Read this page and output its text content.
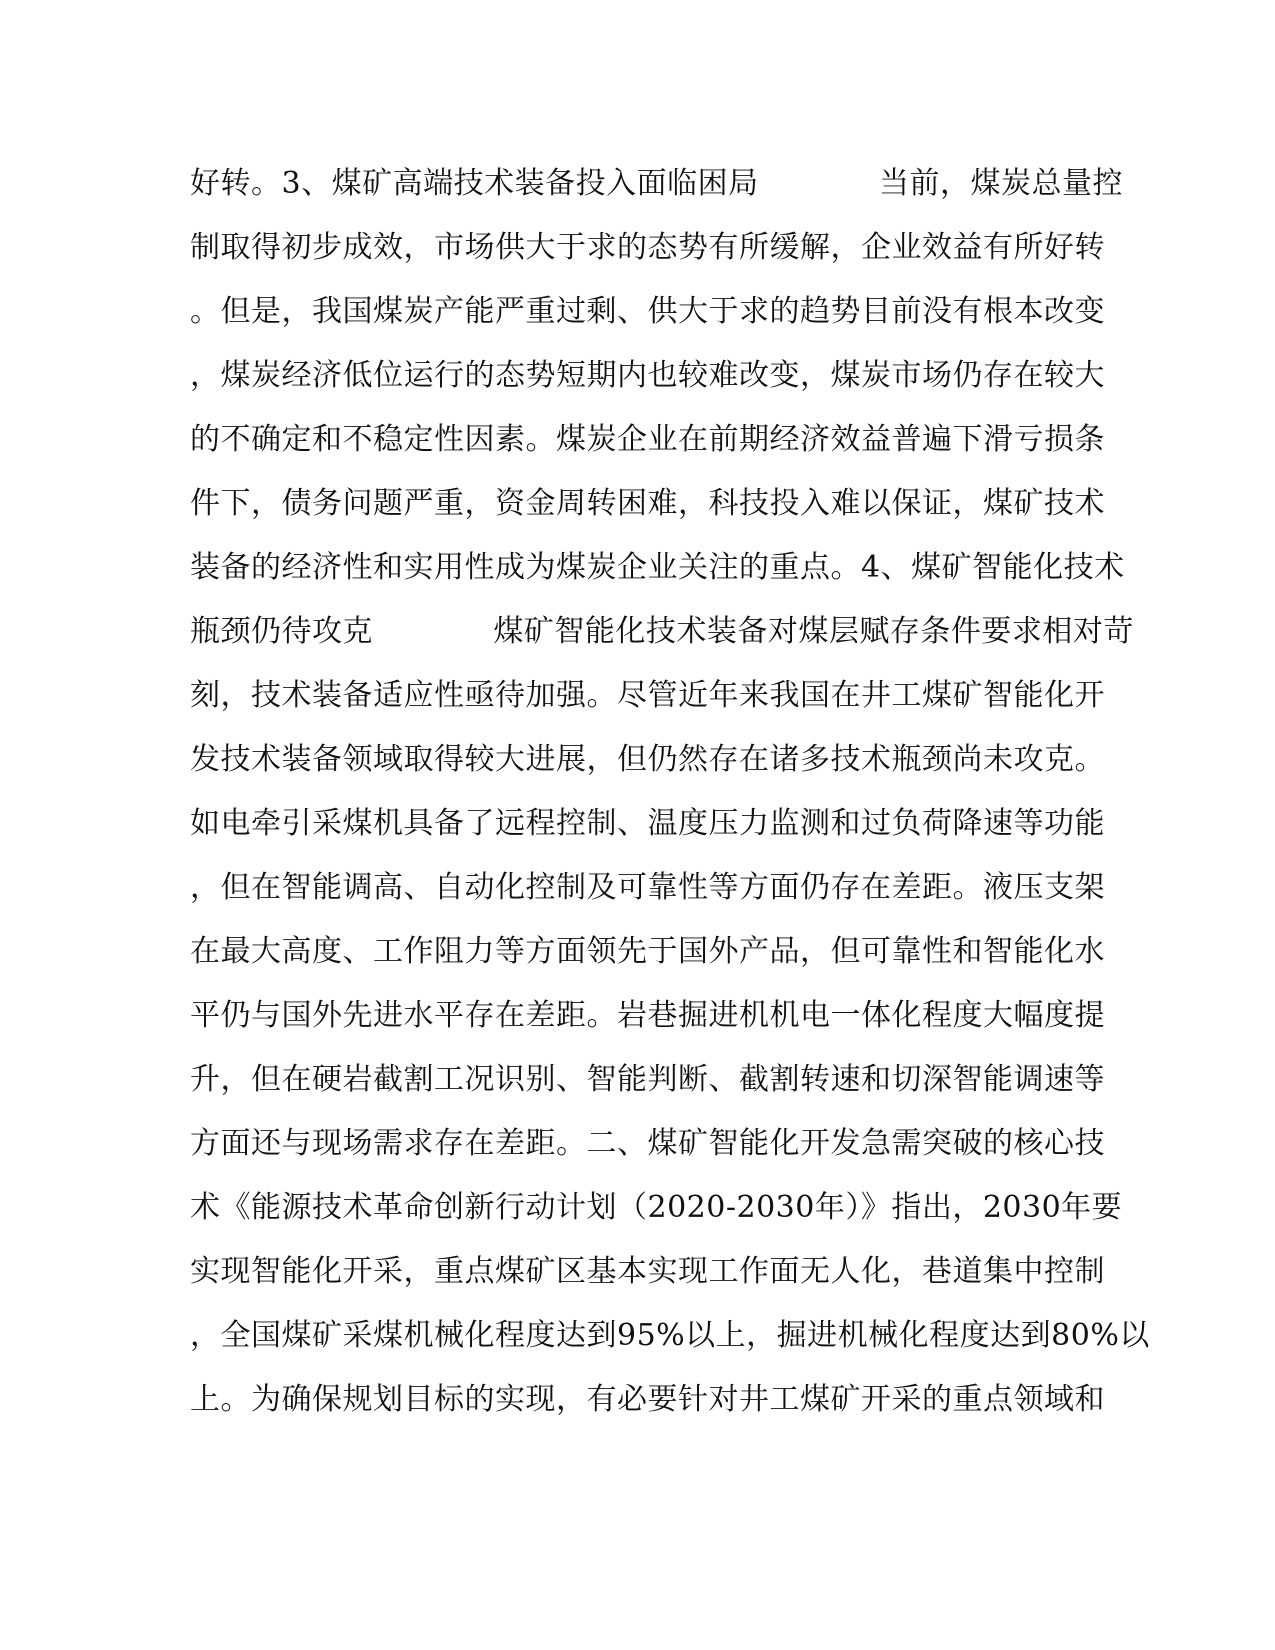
好转。3、煤矿高端技术装备投入面临困局            当前，煤炭总量控
制取得初步成效，市场供大于求的态势有所缓解，企业效益有所好转
。但是，我国煤炭产能严重过剩、供大于求的趋势目前没有根本改变
，煤炭经济低位运行的态势短期内也较难改变，煤炭市场仍存在较大
的不确定和不稳定性因素。煤炭企业在前期经济效益普遍下滑亏损条
件下，债务问题严重，资金周转困难，科技投入难以保证，煤矿技术
装备的经济性和实用性成为煤炭企业关注的重点。4、煤矿智能化技术
瓶颈仍待攻克            煤矿智能化技术装备对煤层赋存条件要求相对苛
刻，技术装备适应性亟待加强。尽管近年来我国在井工煤矿智能化开
发技术装备领域取得较大进展，但仍然存在诸多技术瓶颈尚未攻克。
如电牵引采煤机具备了远程控制、温度压力监测和过负荷降速等功能
，但在智能调高、自动化控制及可靠性等方面仍存在差距。液压支架
在最大高度、工作阻力等方面领先于国外产品，但可靠性和智能化水
平仍与国外先进水平存在差距。岩巷掘进机机电一体化程度大幅度提
升，但在硬岩截割工况识别、智能判断、截割转速和切深智能调速等
方面还与现场需求存在差距。二、煤矿智能化开发急需突破的核心技
术《能源技术革命创新行动计划（2020-2030年）》指出，2030年要
实现智能化开采，重点煤矿区基本实现工作面无人化，巷道集中控制
，全国煤矿采煤机械化程度达到95%以上，掘进机械化程度达到80%以
上。为确保规划目标的实现，有必要针对井工煤矿开采的重点领域和
